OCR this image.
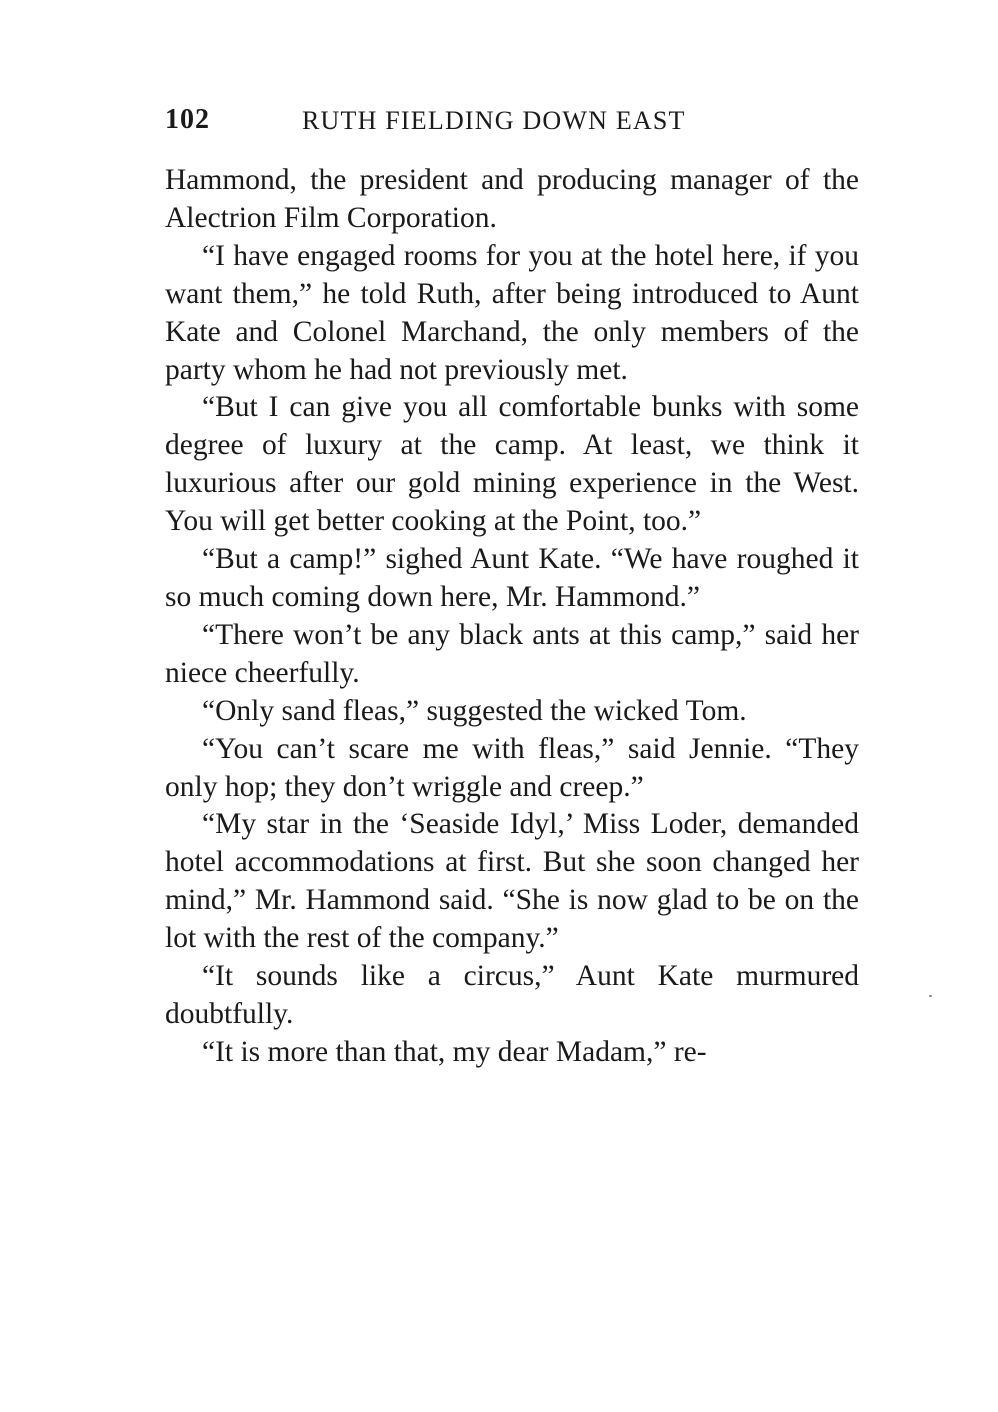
102	RUTH FIELDING DOWN EAST

Hammond, the president and producing manager of the Alectrion Film Corporation.

“I have engaged rooms for you at the hotel here, if you want them,” he told Ruth, after being introduced to Aunt Kate and Colonel Marchand, the only members of the party whom he had not previously met.

“But I can give you all comfortable bunks with some degree of luxury at the camp. At least, we think it luxurious after our gold mining experience in the West. You will get better cooking at the Point, too.”

“But a camp!” sighed Aunt Kate. “We have roughed it so much coming down here, Mr. Hammond.”

“There won’t be any black ants at this camp,” said her niece cheerfully.

“Only sand fleas,” suggested the wicked Tom.

“You can’t scare me with fleas,” said Jennie. “They only hop; they don’t wriggle and creep.”

“My star in the ‘Seaside Idyl,’ Miss Loder, demanded hotel accommodations at first. But she soon changed her mind,” Mr. Hammond said. “She is now glad to be on the lot with the rest of the company.”

“It sounds like a circus,” Aunt Kate murmured doubtfully.

“It is more than that, my dear Madam,” re-
